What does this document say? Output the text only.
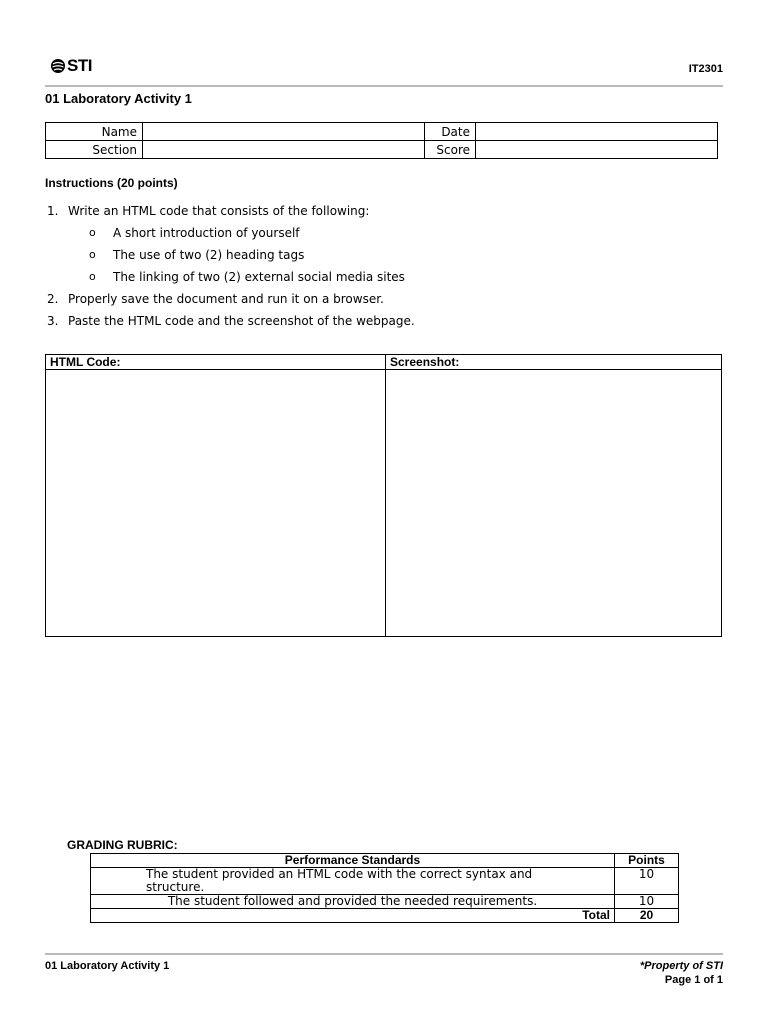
STI	IT2301
01 Laboratory Activity 1
Name		Date	
Section		Score	
Instructions (20 points)
1. Write an HTML code that consists of the following:
o A short introduction of yourself
o The use of two (2) heading tags
o The linking of two (2) external social media sites
2. Properly save the document and run it on a browser.
3. Paste the HTML code and the screenshot of the webpage.
HTML Code:	Screenshot:

GRADING RUBRIC:
Performance Standards	Points
The student provided an HTML code with the correct syntax and structure.	10
The student followed and provided the needed requirements.	10
Total	20
01 Laboratory Activity 1	*Property of STI
Page 1 of 1
